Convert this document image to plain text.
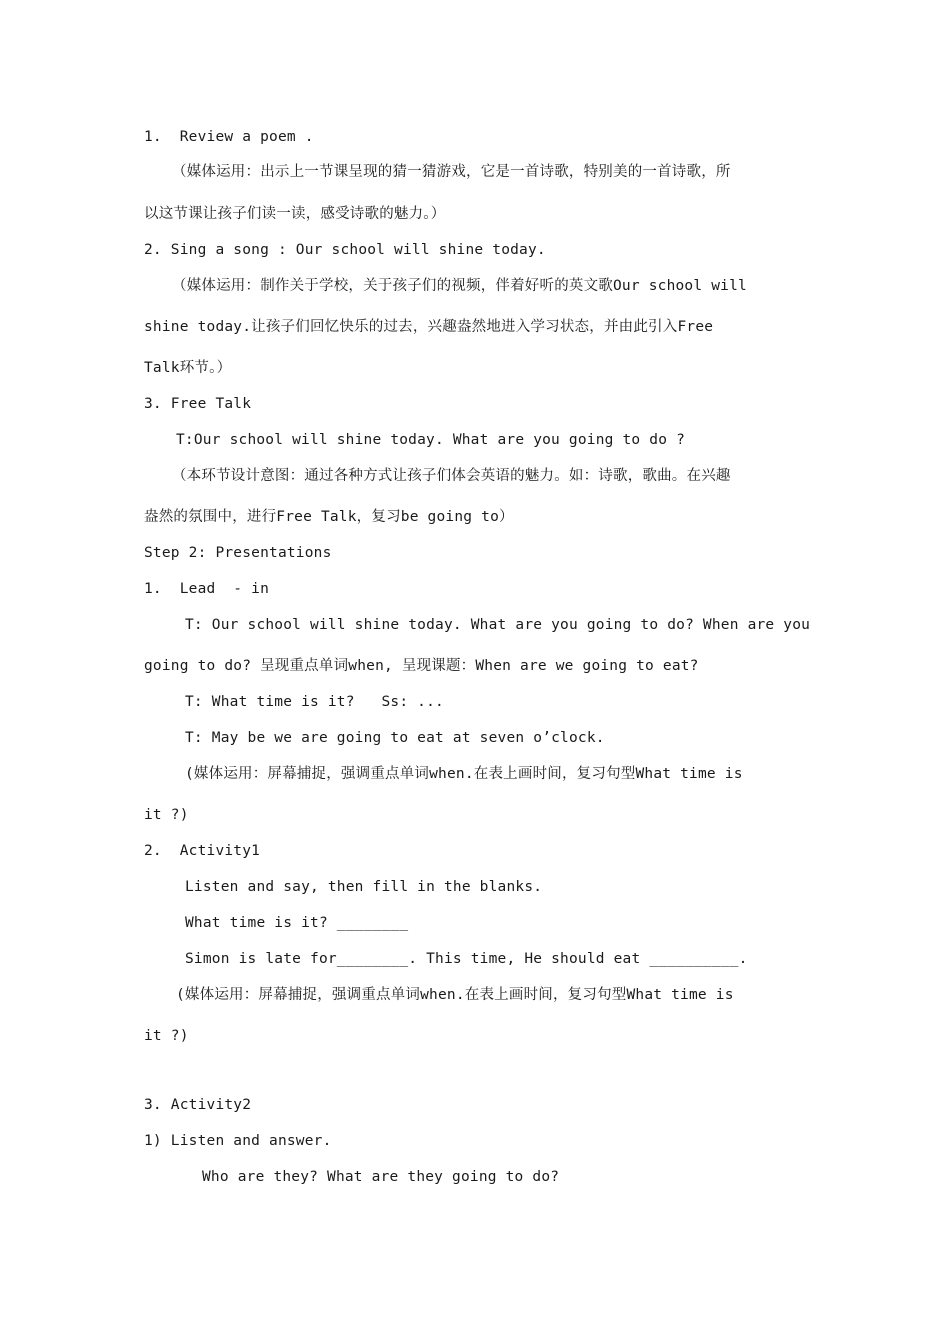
1.  Review a poem .
（媒体运用：出示上一节课呈现的猜一猜游戏，它是一首诗歌，特别美的一首诗歌，所
以这节课让孩子们读一读，感受诗歌的魅力。）
2. Sing a song : Our school will shine today.
（媒体运用：制作关于学校，关于孩子们的视频，伴着好听的英文歌Our school will
shine today.让孩子们回忆快乐的过去，兴趣盎然地进入学习状态，并由此引入Free
Talk环节。）
3. Free Talk
T:Our school will shine today. What are you going to do ?
（本环节设计意图：通过各种方式让孩子们体会英语的魅力。如：诗歌，歌曲。在兴趣
盎然的氛围中，进行Free Talk，复习be going to）
Step 2: Presentations
1.  Lead  - in
T: Our school will shine today. What are you going to do? When are you
going to do? 呈现重点单词when, 呈现课题：When are we going to eat?
T: What time is it?   Ss: ...
T: May be we are going to eat at seven o’clock.
(媒体运用：屏幕捕捉，强调重点单词when.在表上画时间，复习句型What time is
it ?)
2.  Activity1
Listen and say, then fill in the blanks.
What time is it? ________
Simon is late for________. This time, He should eat __________.
(媒体运用：屏幕捕捉，强调重点单词when.在表上画时间，复习句型What time is
it ?)
3. Activity2
1) Listen and answer.
Who are they? What are they going to do?
